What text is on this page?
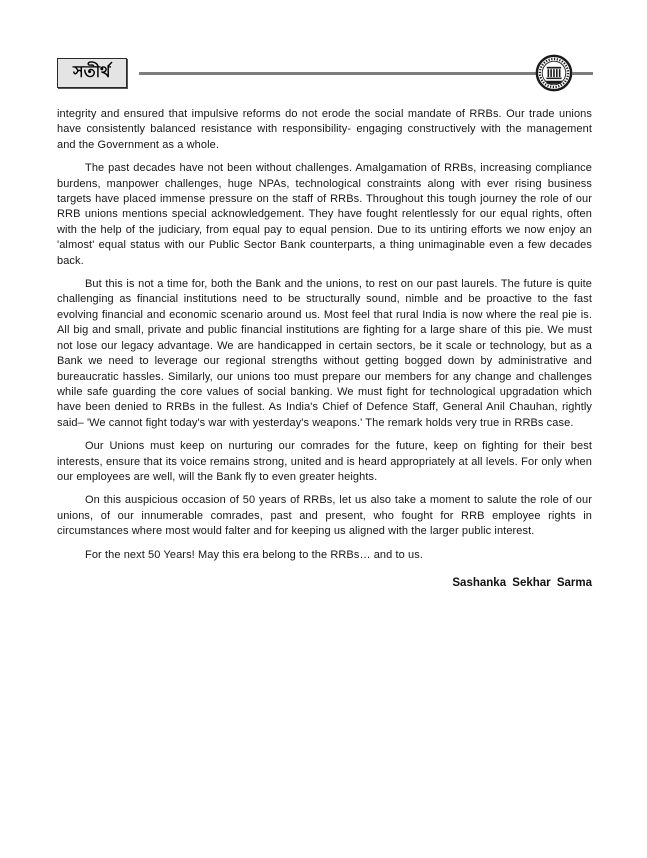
সতীর্থ

integrity and ensured that impulsive reforms do not erode the social mandate of RRBs. Our trade unions have consistently balanced resistance with responsibility- engaging constructively with the management and the Government as a whole.

The past decades have not been without challenges. Amalgamation of RRBs, increasing compliance burdens, manpower challenges, huge NPAs, technological constraints along with ever rising business targets have placed immense pressure on the staff of RRBs. Throughout this tough journey the role of our RRB unions mentions special acknowledgement. They have fought relentlessly for our equal rights, often with the help of the judiciary, from equal pay to equal pension. Due to its untiring efforts we now enjoy an 'almost' equal status with our Public Sector Bank counterparts, a thing unimaginable even a few decades back.

But this is not a time for, both the Bank and the unions, to rest on our past laurels. The future is quite challenging as financial institutions need to be structurally sound, nimble and be proactive to the fast evolving financial and economic scenario around us. Most feel that rural India is now where the real pie is. All big and small, private and public financial institutions are fighting for a large share of this pie. We must not lose our legacy advantage. We are handicapped in certain sectors, be it scale or technology, but as a Bank we need to leverage our regional strengths without getting bogged down by administrative and bureaucratic hassles. Similarly, our unions too must prepare our members for any change and challenges while safe guarding the core values of social banking. We must fight for technological upgradation which have been denied to RRBs in the fullest. As India's Chief of Defence Staff, General Anil Chauhan, rightly said– 'We cannot fight today's war with yesterday's weapons.' The remark holds very true in RRBs case.

Our Unions must keep on nurturing our comrades for the future, keep on fighting for their best interests, ensure that its voice remains strong, united and is heard appropriately at all levels. For only when our employees are well, will the Bank fly to even greater heights.

On this auspicious occasion of 50 years of RRBs, let us also take a moment to salute the role of our unions, of our innumerable comrades, past and present, who fought for RRB employee rights in circumstances where most would falter and for keeping us aligned with the larger public interest.

For the next 50 Years! May this era belong to the RRBs… and to us.

Sashanka Sekhar Sarma
